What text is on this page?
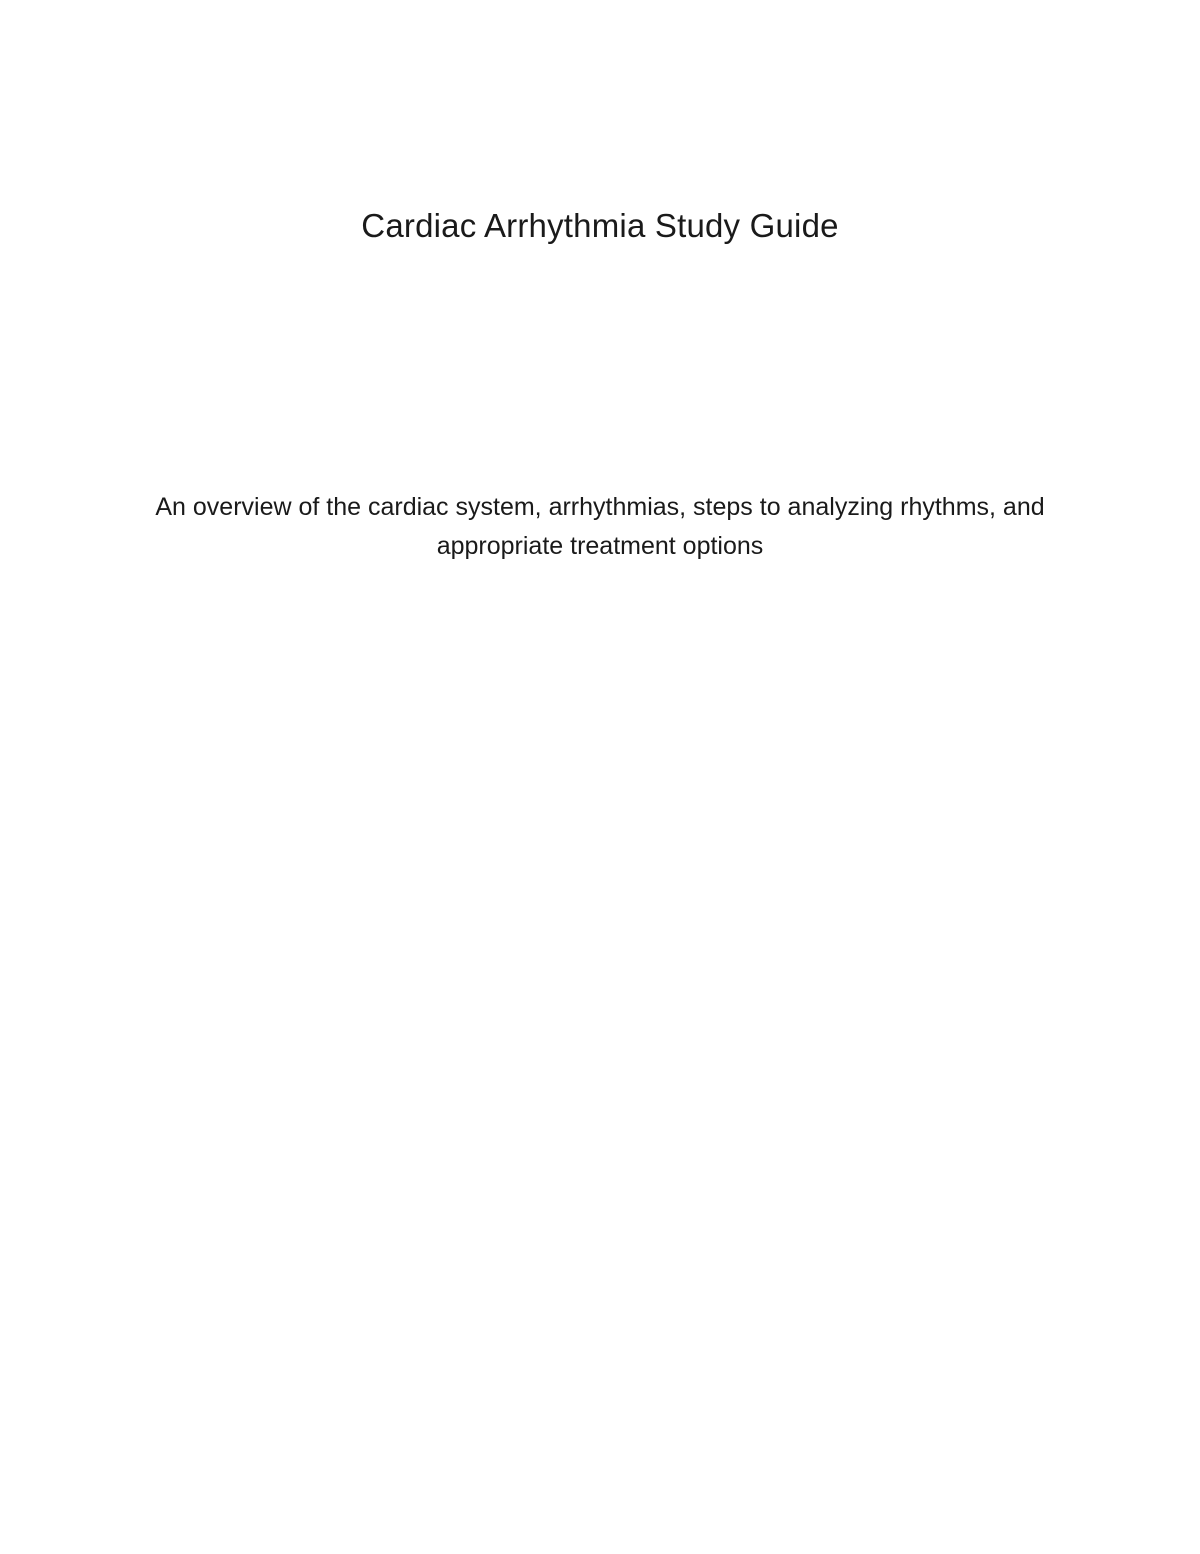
Cardiac Arrhythmia Study Guide

An overview of the cardiac system, arrhythmias, steps to analyzing rhythms, and
appropriate treatment options
